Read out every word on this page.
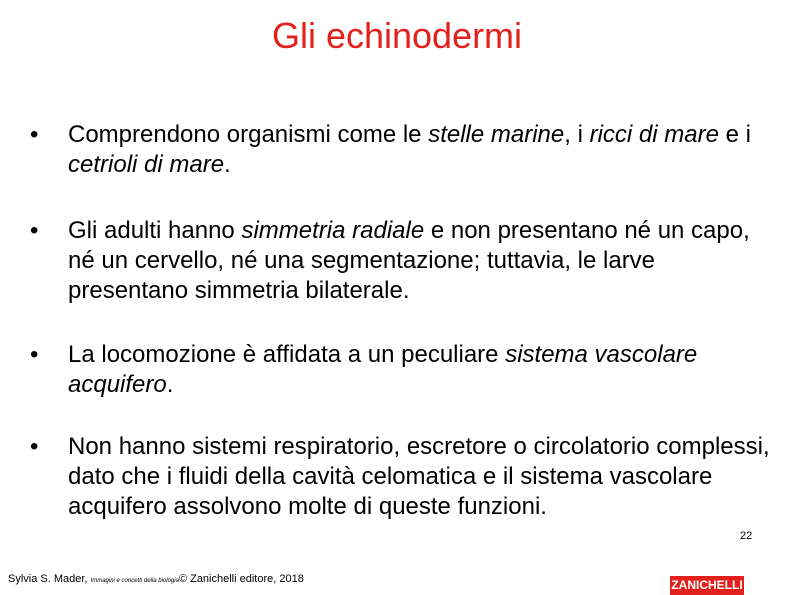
Gli echinodermi
•	Comprendono organismi come le stelle marine, i ricci di mare e i cetrioli di mare.
•	Gli adulti hanno simmetria radiale e non presentano né un capo, né un cervello, né una segmentazione; tuttavia, le larve presentano simmetria bilaterale.
•	La locomozione è affidata a un peculiare sistema vascolare acquifero.
•	Non hanno sistemi respiratorio, escretore o circolatorio complessi, dato che i fluidi della cavità celomatica e il sistema vascolare acquifero assolvono molte di queste funzioni.
22
Sylvia S. Mader, Immagini e concetti della biologia© Zanichelli editore, 2018	ZANICHELLI
